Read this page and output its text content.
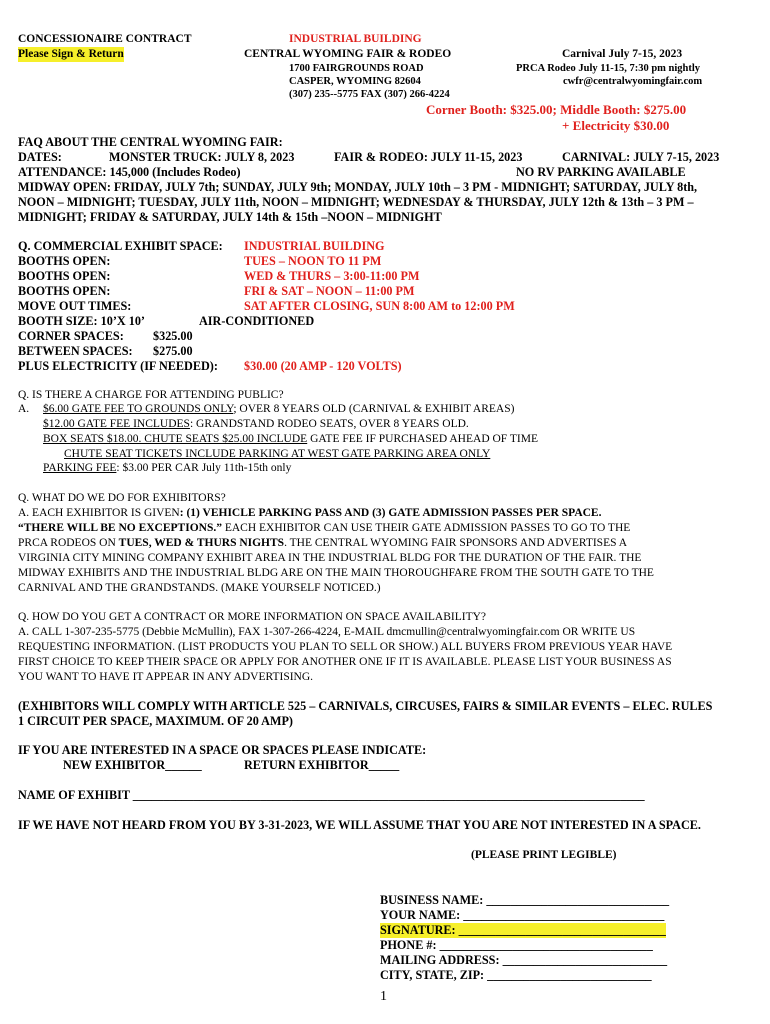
CONCESSIONAIRE CONTRACT
Please Sign & Return
INDUSTRIAL BUILDING
CENTRAL WYOMING FAIR & RODEO
1700 FAIRGROUNDS ROAD
CASPER, WYOMING 82604
(307) 235--5775 FAX (307) 266-4224
Carnival July 7-15, 2023
PRCA Rodeo July 11-15, 7:30 pm nightly
cwfr@centralwyomingfair.com
Corner Booth: $325.00; Middle Booth: $275.00
+ Electricity $30.00
FAQ ABOUT THE CENTRAL WYOMING FAIR:
DATES:	MONSTER TRUCK: JULY 8, 2023	FAIR & RODEO: JULY 11-15, 2023	CARNIVAL: JULY 7-15, 2023
ATTENDANCE: 145,000 (Includes Rodeo)	NO RV PARKING AVAILABLE
MIDWAY OPEN: FRIDAY, JULY 7th; SUNDAY, JULY 9th; MONDAY, JULY 10th – 3 PM - MIDNIGHT; SATURDAY, JULY 8th,
NOON – MIDNIGHT; TUESDAY, JULY 11th, NOON – MIDNIGHT; WEDNESDAY & THURSDAY, JULY 12th & 13th – 3 PM –
MIDNIGHT; FRIDAY & SATURDAY, JULY 14th & 15th –NOON – MIDNIGHT
Q. COMMERCIAL EXHIBIT SPACE: INDUSTRIAL BUILDING
BOOTHS OPEN:	TUES – NOON TO 11 PM
BOOTHS OPEN:	WED & THURS – 3:00-11:00 PM
BOOTHS OPEN:	FRI & SAT – NOON – 11:00 PM
MOVE OUT TIMES:	SAT AFTER CLOSING, SUN 8:00 AM to 12:00 PM
BOOTH SIZE: 10’X 10’	AIR-CONDITIONED
CORNER SPACES: $325.00
BETWEEN SPACES: $275.00
PLUS ELECTRICITY (IF NEEDED): $30.00 (20 AMP - 120 VOLTS)
Q. IS THERE A CHARGE FOR ATTENDING PUBLIC?
A. $6.00 GATE FEE TO GROUNDS ONLY; OVER 8 YEARS OLD (CARNIVAL & EXHIBIT AREAS)
$12.00 GATE FEE INCLUDES: GRANDSTAND RODEO SEATS, OVER 8 YEARS OLD.
BOX SEATS $18.00. CHUTE SEATS $25.00 INCLUDE GATE FEE IF PURCHASED AHEAD OF TIME
CHUTE SEAT TICKETS INCLUDE PARKING AT WEST GATE PARKING AREA ONLY
PARKING FEE: $3.00 PER CAR July 11th-15th only
Q. WHAT DO WE DO FOR EXHIBITORS?
A. EACH EXHIBITOR IS GIVEN: (1) VEHICLE PARKING PASS AND (3) GATE ADMISSION PASSES PER SPACE.
“THERE WILL BE NO EXCEPTIONS.” EACH EXHIBITOR CAN USE THEIR GATE ADMISSION PASSES TO GO TO THE
PRCA RODEOS ON TUES, WED & THURS NIGHTS. THE CENTRAL WYOMING FAIR SPONSORS AND ADVERTISES A
VIRGINIA CITY MINING COMPANY EXHIBIT AREA IN THE INDUSTRIAL BLDG FOR THE DURATION OF THE FAIR. THE
MIDWAY EXHIBITS AND THE INDUSTRIAL BLDG ARE ON THE MAIN THOROUGHFARE FROM THE SOUTH GATE TO THE
CARNIVAL AND THE GRANDSTANDS. (MAKE YOURSELF NOTICED.)
Q. HOW DO YOU GET A CONTRACT OR MORE INFORMATION ON SPACE AVAILABILITY?
A. CALL 1-307-235-5775 (Debbie McMullin), FAX 1-307-266-4224, E-MAIL dmcmullin@centralwyomingfair.com OR WRITE US
REQUESTING INFORMATION. (LIST PRODUCTS YOU PLAN TO SELL OR SHOW.) ALL BUYERS FROM PREVIOUS YEAR HAVE
FIRST CHOICE TO KEEP THEIR SPACE OR APPLY FOR ANOTHER ONE IF IT IS AVAILABLE. PLEASE LIST YOUR BUSINESS AS
YOU WANT TO HAVE IT APPEAR IN ANY ADVERTISING.
(EXHIBITORS WILL COMPLY WITH ARTICLE 525 – CARNIVALS, CIRCUSES, FAIRS & SIMILAR EVENTS – ELEC. RULES
1 CIRCUIT PER SPACE, MAXIMUM. OF 20 AMP)
IF YOU ARE INTERESTED IN A SPACE OR SPACES PLEASE INDICATE:
NEW EXHIBITOR______	RETURN EXHIBITOR_____
NAME OF EXHIBIT ____________________________________________________________________________________
IF WE HAVE NOT HEARD FROM YOU BY 3-31-2023, WE WILL ASSUME THAT YOU ARE NOT INTERESTED IN A SPACE.
(PLEASE PRINT LEGIBLE)
BUSINESS NAME: ______________________________
YOUR NAME: _________________________________
SIGNATURE: __________________________________
PHONE #: ___________________________________
MAILING ADDRESS: ___________________________
CITY, STATE, ZIP: ___________________________
1
